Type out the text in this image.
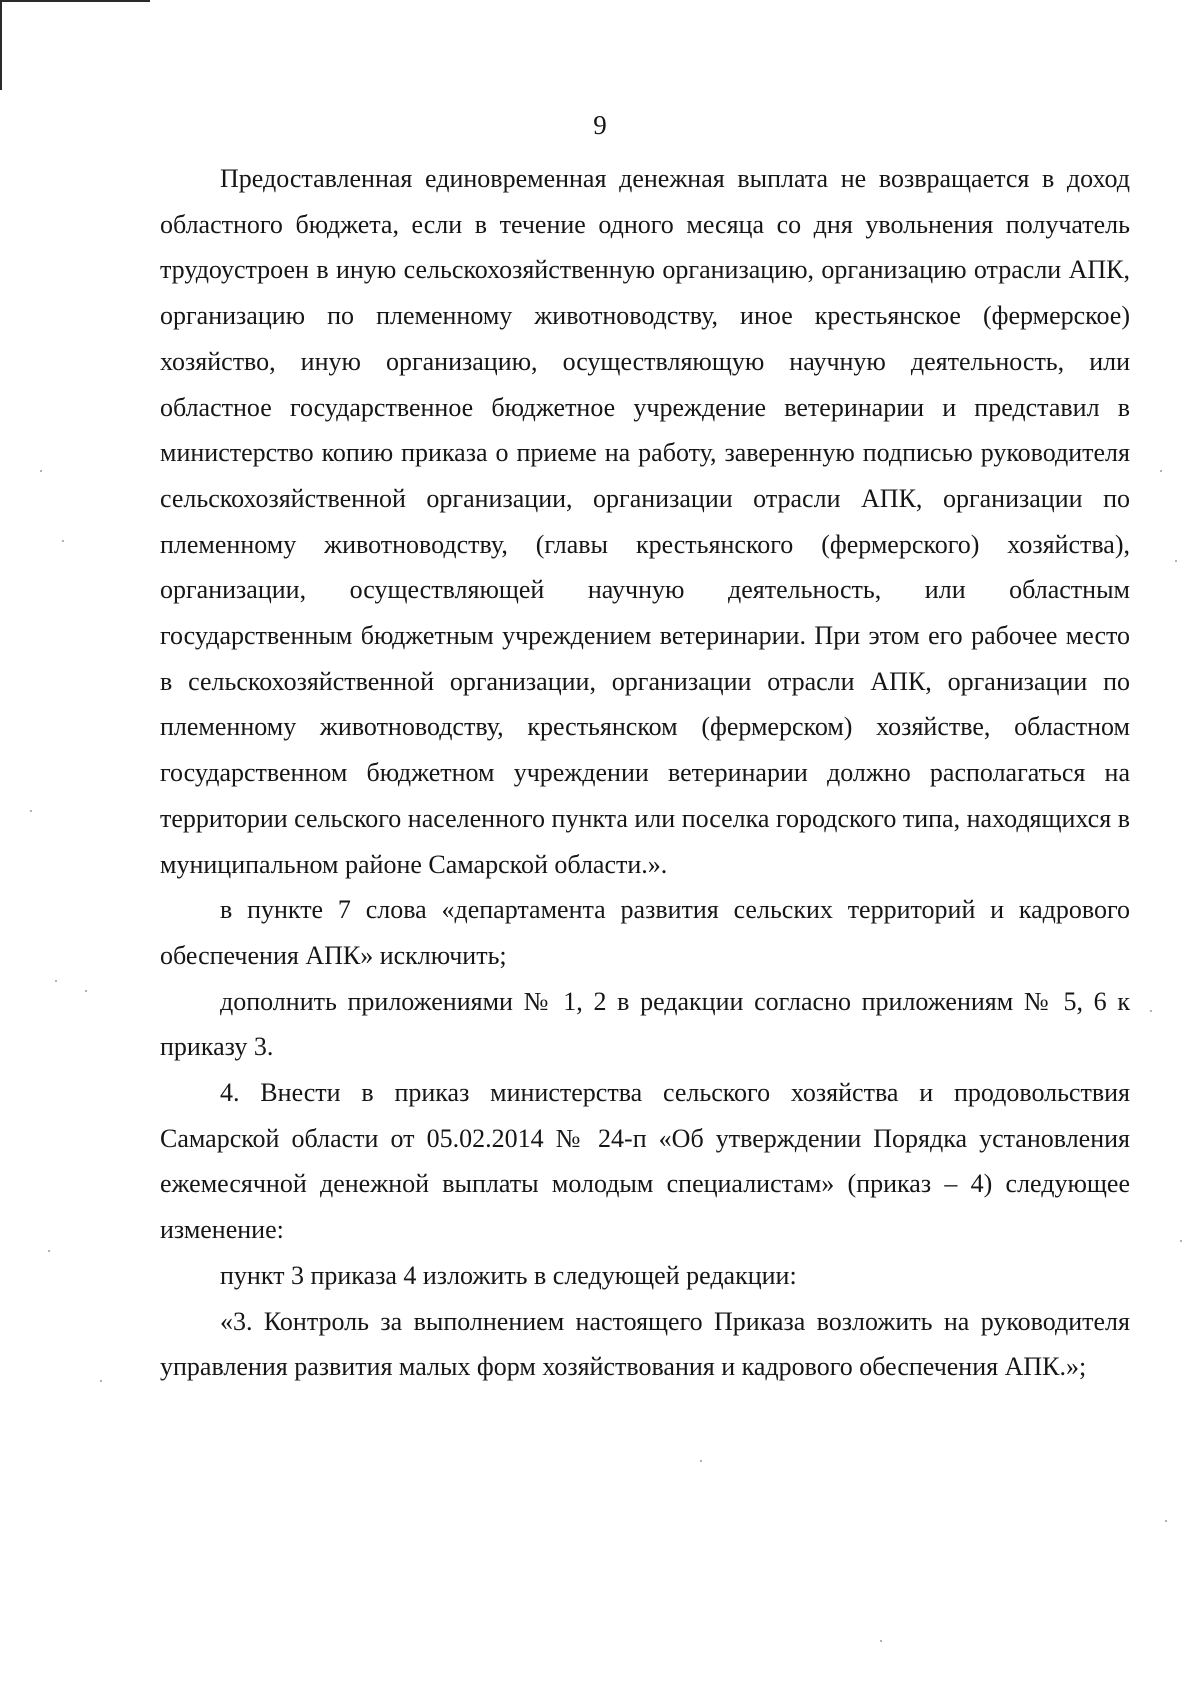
9

Предоставленная единовременная денежная выплата не возвращается в доход областного бюджета, если в течение одного месяца со дня увольнения получатель трудоустроен в иную сельскохозяйственную организацию, организацию отрасли АПК, организацию по племенному животноводству, иное крестьянское (фермерское) хозяйство, иную организацию, осуществляющую научную деятельность, или областное государственное бюджетное учреждение ветеринарии и представил в министерство копию приказа о приеме на работу, заверенную подписью руководителя сельскохозяйственной организации, организации отрасли АПК, организации по племенному животноводству, (главы крестьянского (фермерского) хозяйства), организации, осуществляющей научную деятельность, или областным государственным бюджетным учреждением ветеринарии. При этом его рабочее место в сельскохозяйственной организации, организации отрасли АПК, организации по племенному животноводству, крестьянском (фермерском) хозяйстве, областном государственном бюджетном учреждении ветеринарии должно располагаться на территории сельского населенного пункта или поселка городского типа, находящихся в муниципальном районе Самарской области.».

в пункте 7 слова «департамента развития сельских территорий и кадрового обеспечения АПК» исключить;

дополнить приложениями № 1, 2 в редакции согласно приложениям № 5, 6 к приказу 3.

4. Внести в приказ министерства сельского хозяйства и продовольствия Самарской области от 05.02.2014 № 24-п «Об утверждении Порядка установления ежемесячной денежной выплаты молодым специалистам» (приказ – 4) следующее изменение:

пункт 3 приказа 4 изложить в следующей редакции:

«3. Контроль за выполнением настоящего Приказа возложить на руководителя управления развития малых форм хозяйствования и кадрового обеспечения АПК.»;
